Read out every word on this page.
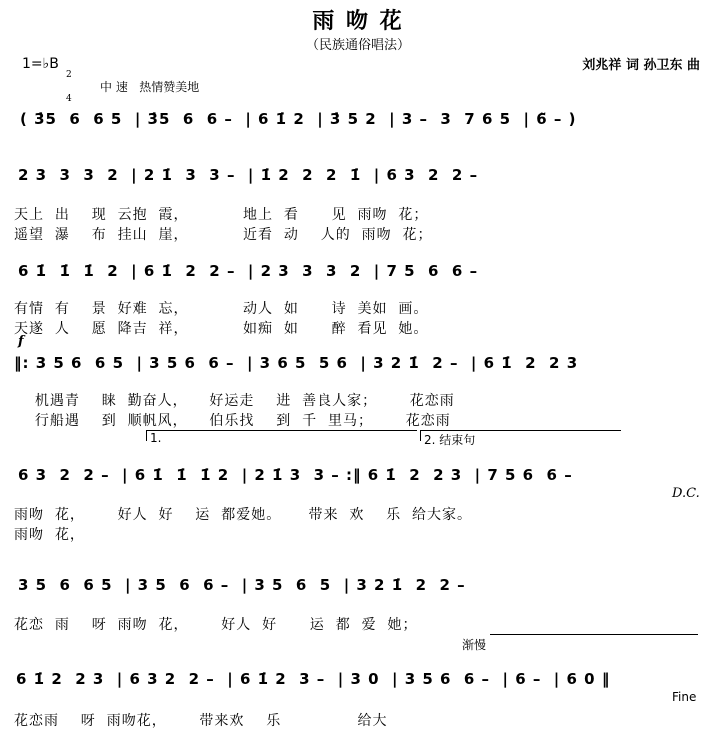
雨 吻 花
（民族通俗唱法）
1=♭B

2

4

刘兆祥 词 孙卫东 曲
中 速   热情赞美地
( 3̇5  6  6 5  | 3̇5  6  6 –  | 6 1̇ 2  | 3̇ 5 2  | 3 –  3  7 6 5  | 6̃ – )
2 3  3  3  2  | 2 1̇  3  3 –  | 1̇ 2  2  2  1̇  | 6 3  2  2 –
天上  出    现  云抱  霞，          地上  看      见  雨吻  花；
遥望  瀑    布  挂山  崖，          近看  动    人的  雨吻  花；
6 1̇  1̇  1̇  2  | 6 1̇  2  2 –  | 2 3  3  3  2  | 7 5  6  6 –
有情  有    景  好难  忘，          动人  如      诗  美如  画。
天遂  人    愿  降吉  祥，          如痴  如      醉  看见  她。
f
‖: 3 5 6  6 5  | 3 5 6  6 –  | 3 6 5  5 6  | 3 2 1̇  2 –  | 6 1̇  2  2 3
机遇青    睐  勤奋人，    好运走    进  善良人家；      花恋雨
行船遇    到  顺帆风，    伯乐找    到  千  里马；      花恋雨
1.	2. 结束句
6 3  2  2 –  | 6 1̇  1̇  1̇ 2  | 2 1̇ 3  3 – :‖ 6 1̇  2  2 3  | 7 5 6  6 –
D.C.
雨吻  花，      好人  好    运  都爱她。     带来  欢    乐  给大家。
雨吻  花，
3 5  6  6 5  | 3 5  6  6 –  | 3 5  6  5  | 3 2 1̇  2  2 –
花恋  雨    呀  雨吻  花，      好人  好      运  都  爱  她；
渐慢
6 1̇ 2  2 3  | 6 3 2  2 –  | 6 1̇ 2  3 –  | 3 0  | 3 5 6  6 –  | 6 –  | 6 0 ‖
Fine
花恋雨    呀  雨吻花，      带来欢    乐              给大
